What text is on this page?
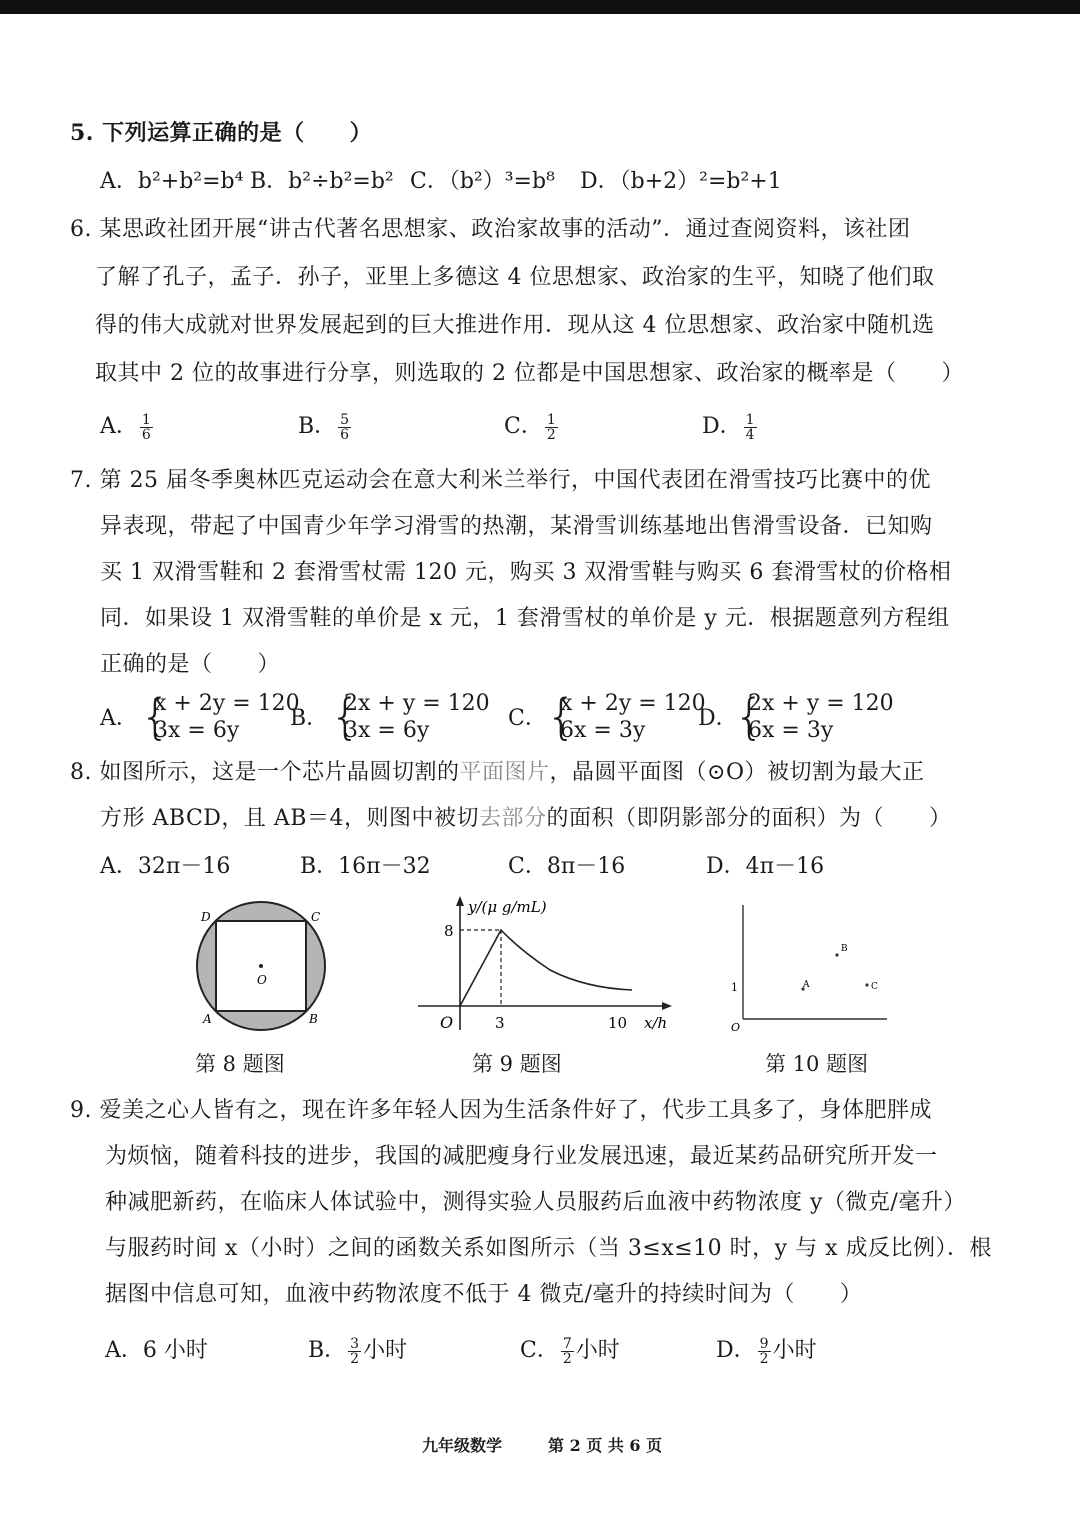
5. 下列运算正确的是（　　）
A．b²+b²=b⁴ B．b²÷b²=b² C．（b²）³=b⁸ D．（b+2）²=b²+1
6. 某思政社团开展“讲古代著名思想家、政治家故事的活动”．通过查阅资料，该社团
了解了孔子，孟子．孙子，亚里上多德这 4 位思想家、政治家的生平，知晓了他们取
得的伟大成就对世界发展起到的巨大推进作用．现从这 4 位思想家、政治家中随机选
取其中 2 位的故事进行分享，则选取的 2 位都是中国思想家、政治家的概率是（　　）
A． $\frac{1}{6}$	B． $\frac{5}{6}$	C． $\frac{1}{2}$	D． $\frac{1}{4}$
7. 第 25 届冬季奥林匹克运动会在意大利米兰举行，中国代表团在滑雪技巧比赛中的优
异表现，带起了中国青少年学习滑雪的热潮，某滑雪训练基地出售滑雪设备．已知购
买 1 双滑雪鞋和 2 套滑雪杖需 120 元，购买 3 双滑雪鞋与购买 6 套滑雪杖的价格相
同．如果设 1 双滑雪鞋的单价是 x 元，1 套滑雪杖的单价是 y 元．根据题意列方程组
正确的是（　　）
A． {
x + 2y = 120
3x = 6y	B． {
2x + y = 120
3x = 6y	C． {
x + 2y = 120
6x = 3y	D．
{
2x + y = 120
6x = 3y
8. 如图所示，这是一个芯片晶圆切割的平面图片，晶圆平面图（⊙O）被切割为最大正
方形 ABCD，且 AB＝4，则图中被切去部分的面积（即阴影部分的面积）为（　　）
A．32π－16	B．16π－32	C．8π－16	D．4π－16
D	C
A	B
O
第 8 题图
y/(μ g/mL)
8
O	3	10 x/h
第 9 题图
O
1	A
B
C
第 10 题图
9. 爱美之心人皆有之，现在许多年轻人因为生活条件好了，代步工具多了，身体肥胖成
为烦恼，随着科技的进步，我国的减肥瘦身行业发展迅速，最近某药品研究所开发一
种减肥新药，在临床人体试验中，测得实验人员服药后血液中药物浓度 y（微克/毫升）
与服药时间 x（小时）之间的函数关系如图所示（当 3≤x≤10 时，y 与 x 成反比例）．根
据图中信息可知，血液中药物浓度不低于 4 微克/毫升的持续时间为（　　）
A．6 小时	B． $\frac{3}{2}$ 小时	C． $\frac{7}{2}$ 小时	D． $\frac{9}{2}$ 小时
九年级数学	第 2 页 共 6 页
